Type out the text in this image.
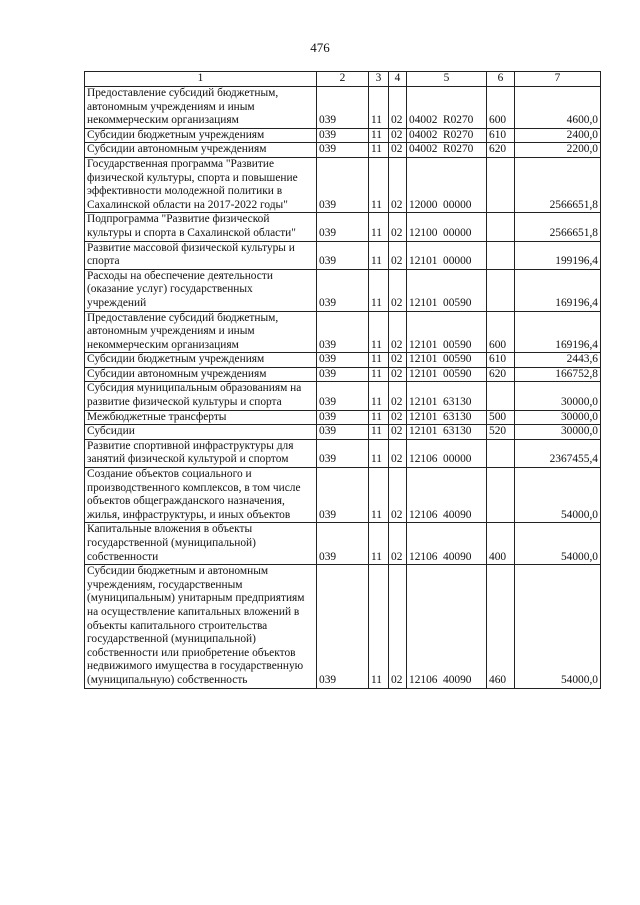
476
1	2	3	4	5	6	7
Предоставление субсидий бюджетным, автономным учреждениям и иным некоммерческим организациям	039	11	02	04002 R0270	600	4600,0
Субсидии бюджетным учреждениям	039	11	02	04002 R0270	610	2400,0
Субсидии автономным учреждениям	039	11	02	04002 R0270	620	2200,0
Государственная программа "Развитие физической культуры, спорта и повышение эффективности молодежной политики в Сахалинской области на 2017-2022 годы"	039	11	02	12000 00000		2566651,8
Подпрограмма "Развитие физической культуры и спорта в Сахалинской области"	039	11	02	12100 00000		2566651,8
Развитие массовой физической культуры и спорта	039	11	02	12101 00000		199196,4
Расходы на обеспечение деятельности (оказание услуг) государственных учреждений	039	11	02	12101 00590		169196,4
Предоставление субсидий бюджетным, автономным учреждениям и иным некоммерческим организациям	039	11	02	12101 00590	600	169196,4
Субсидии бюджетным учреждениям	039	11	02	12101 00590	610	2443,6
Субсидии автономным учреждениям	039	11	02	12101 00590	620	166752,8
Субсидия муниципальным образованиям на развитие физической культуры и спорта	039	11	02	12101 63130		30000,0
Межбюджетные трансферты	039	11	02	12101 63130	500	30000,0
Субсидии	039	11	02	12101 63130	520	30000,0
Развитие спортивной инфраструктуры для занятий физической культурой и спортом	039	11	02	12106 00000		2367455,4
Создание объектов социального и производственного комплексов, в том числе объектов общегражданского назначения, жилья, инфраструктуры, и иных объектов	039	11	02	12106 40090		54000,0
Капитальные вложения в объекты государственной (муниципальной) собственности	039	11	02	12106 40090	400	54000,0
Субсидии бюджетным и автономным учреждениям, государственным (муниципальным) унитарным предприятиям на осуществление капитальных вложений в объекты капитального строительства государственной (муниципальной) собственности или приобретение объектов недвижимого имущества в государственную (муниципальную) собственность	039	11	02	12106 40090	460	54000,0
